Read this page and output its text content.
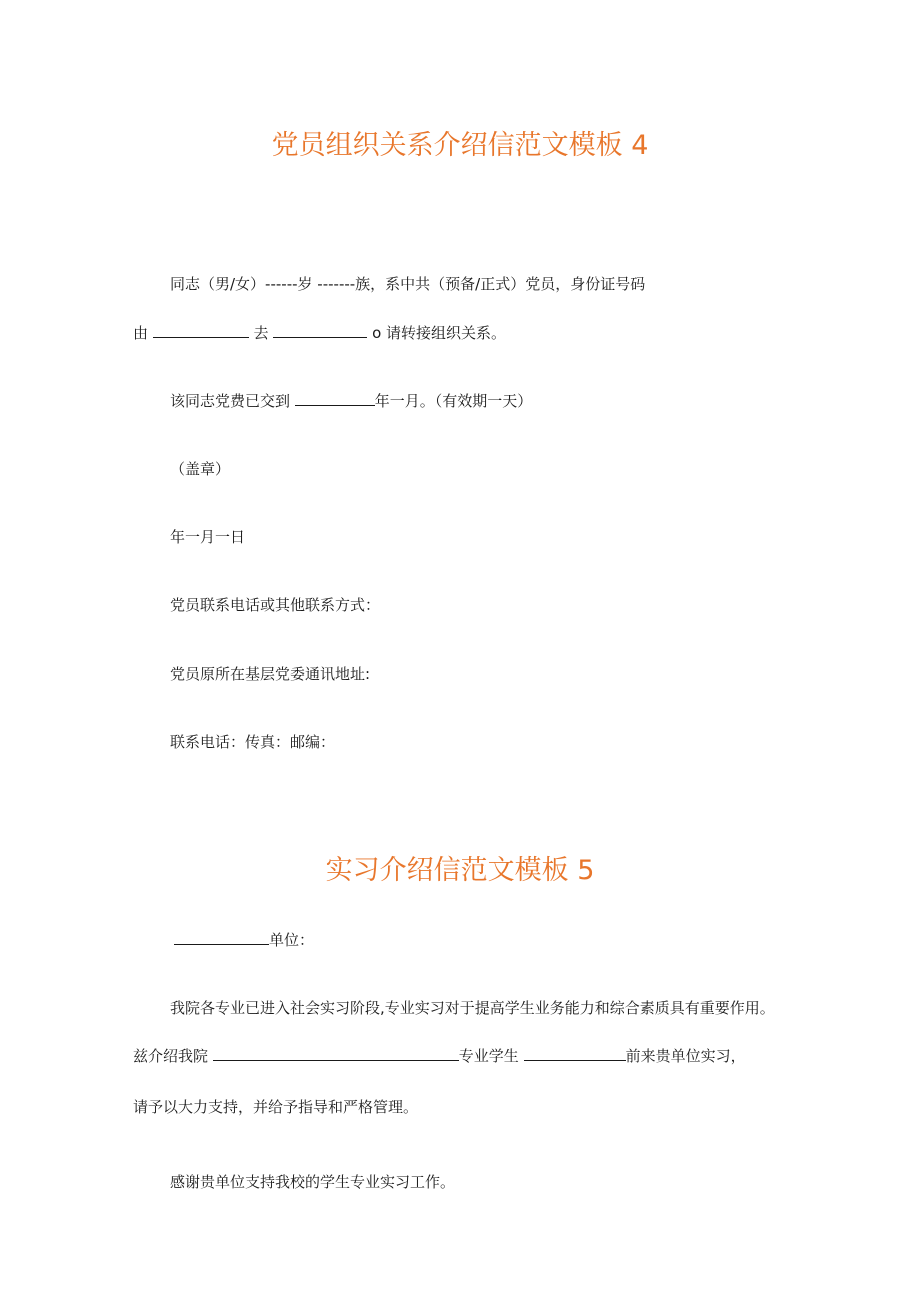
党员组织关系介绍信范文模板 4
同志（男/女）------岁 -------族，系中共（预备/正式）党员，身份证号码
由	去	o 请转接组织关系。
该同志党费已交到	年一月。（有效期一天）
（盖章）
年一月一日
党员联系电话或其他联系方式：
党员原所在基层党委通讯地址:
联系电话：传真：邮编：
实习介绍信范文模板 5
单位：
我院各专业已进入社会实习阶段,专业实习对于提高学生业务能力和综合素质具有重要作用。
兹介绍我院	专业学生	前来贵单位实习，
请予以大力支持，并给予指导和严格管理。
感谢贵单位支持我校的学生专业实习工作。
